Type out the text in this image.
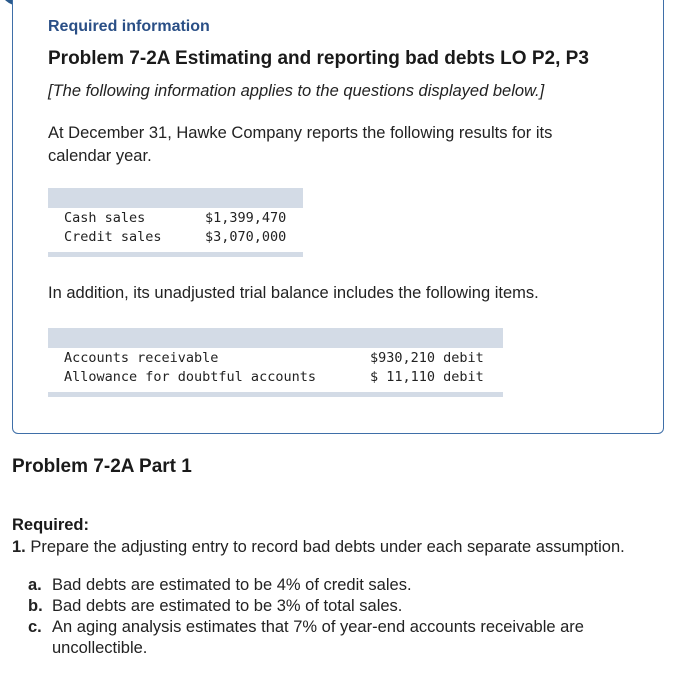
Required information
Problem 7-2A Estimating and reporting bad debts LO P2, P3
[The following information applies to the questions displayed below.]
At December 31, Hawke Company reports the following results for its calendar year.
Cash sales	$1,399,470
Credit sales	$3,070,000
In addition, its unadjusted trial balance includes the following items.
Accounts receivable	$930,210 debit
Allowance for doubtful accounts	$ 11,110 debit
Problem 7-2A Part 1
Required:
1. Prepare the adjusting entry to record bad debts under each separate assumption.
a. Bad debts are estimated to be 4% of credit sales.
b. Bad debts are estimated to be 3% of total sales.
c. An aging analysis estimates that 7% of year-end accounts receivable are uncollectible.
